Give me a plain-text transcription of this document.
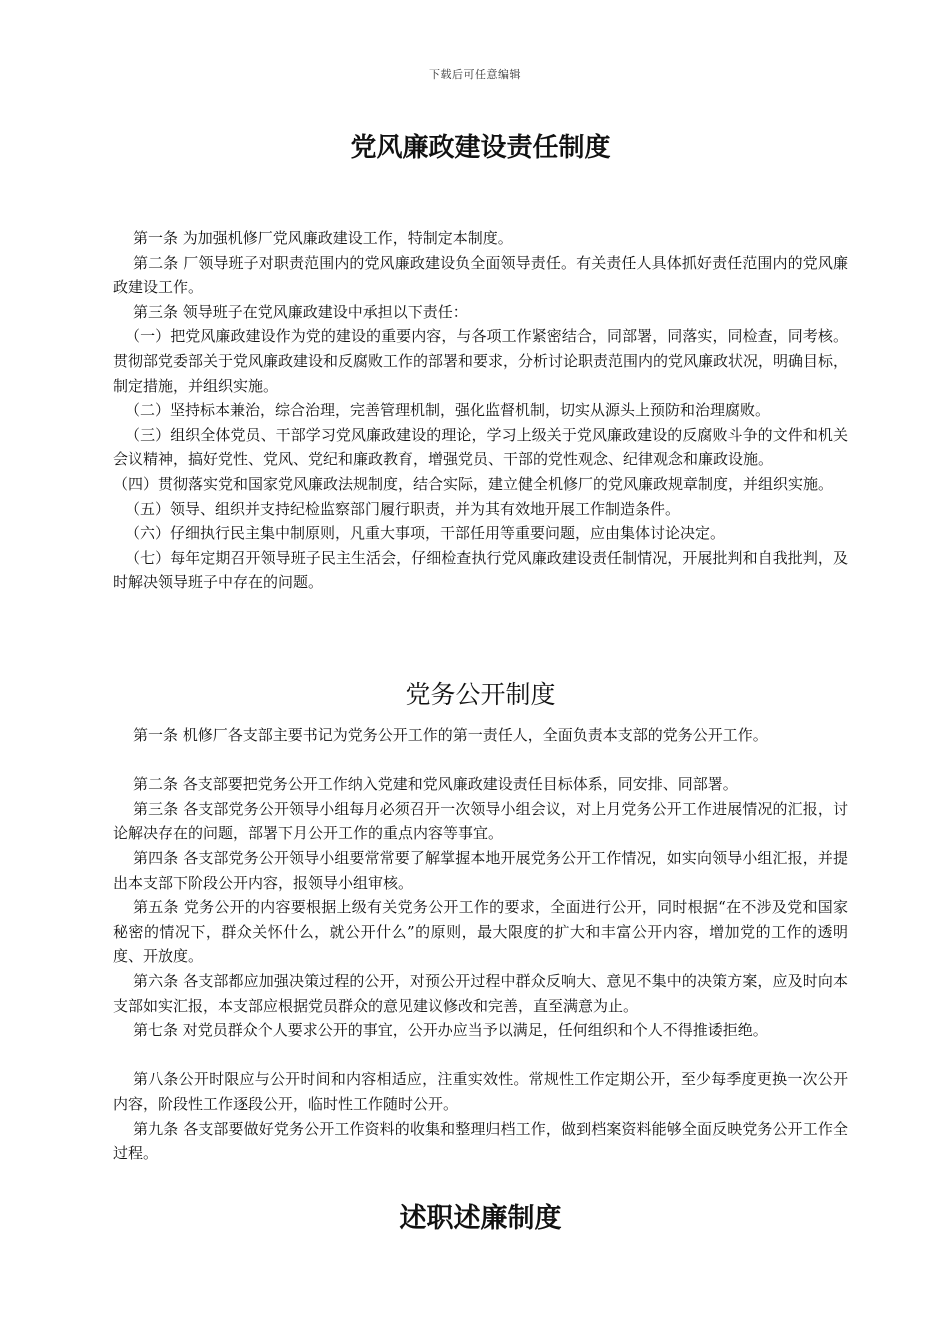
下载后可任意编辑
党风廉政建设责任制度

第一条 为加强机修厂党风廉政建设工作，特制定本制度。

第二条 厂领导班子对职责范围内的党风廉政建设负全面领导责任。有关责任人具体抓好责任范围内的党风廉政建设工作。

第三条 领导班子在党风廉政建设中承担以下责任：

（一）把党风廉政建设作为党的建设的重要内容，与各项工作紧密结合，同部署，同落实，同检查，同考核。贯彻部党委部关于党风廉政建设和反腐败工作的部署和要求，分析讨论职责范围内的党风廉政状况，明确目标，制定措施，并组织实施。

（二）坚持标本兼治，综合治理，完善管理机制，强化监督机制，切实从源头上预防和治理腐败。

（三）组织全体党员、干部学习党风廉政建设的理论，学习上级关于党风廉政建设的反腐败斗争的文件和机关会议精神，搞好党性、党风、党纪和廉政教育，增强党员、干部的党性观念、纪律观念和廉政设施。

（四）贯彻落实党和国家党风廉政法规制度，结合实际，建立健全机修厂的党风廉政规章制度，并组织实施。

（五）领导、组织并支持纪检监察部门履行职责，并为其有效地开展工作制造条件。

（六）仔细执行民主集中制原则，凡重大事项，干部任用等重要问题，应由集体讨论决定。

（七）每年定期召开领导班子民主生活会，仔细检查执行党风廉政建设责任制情况，开展批判和自我批判，及时解决领导班子中存在的问题。

党务公开制度

第一条 机修厂各支部主要书记为党务公开工作的第一责任人，全面负责本支部的党务公开工作。

第二条 各支部要把党务公开工作纳入党建和党风廉政建设责任目标体系，同安排、同部署。

第三条 各支部党务公开领导小组每月必须召开一次领导小组会议，对上月党务公开工作进展情况的汇报，讨论解决存在的问题，部署下月公开工作的重点内容等事宜。

第四条 各支部党务公开领导小组要常常要了解掌握本地开展党务公开工作情况，如实向领导小组汇报，并提出本支部下阶段公开内容，报领导小组审核。

第五条 党务公开的内容要根据上级有关党务公开工作的要求，全面进行公开，同时根据“在不涉及党和国家秘密的情况下，群众关怀什么，就公开什么”的原则，最大限度的扩大和丰富公开内容，增加党的工作的透明度、开放度。

第六条 各支部都应加强决策过程的公开，对预公开过程中群众反响大、意见不集中的决策方案，应及时向本支部如实汇报，本支部应根据党员群众的意见建议修改和完善，直至满意为止。

第七条 对党员群众个人要求公开的事宜，公开办应当予以满足，任何组织和个人不得推诿拒绝。

第八条公开时限应与公开时间和内容相适应，注重实效性。常规性工作定期公开，至少每季度更换一次公开内容，阶段性工作逐段公开，临时性工作随时公开。

第九条 各支部要做好党务公开工作资料的收集和整理归档工作，做到档案资料能够全面反映党务公开工作全过程。

述职述廉制度
